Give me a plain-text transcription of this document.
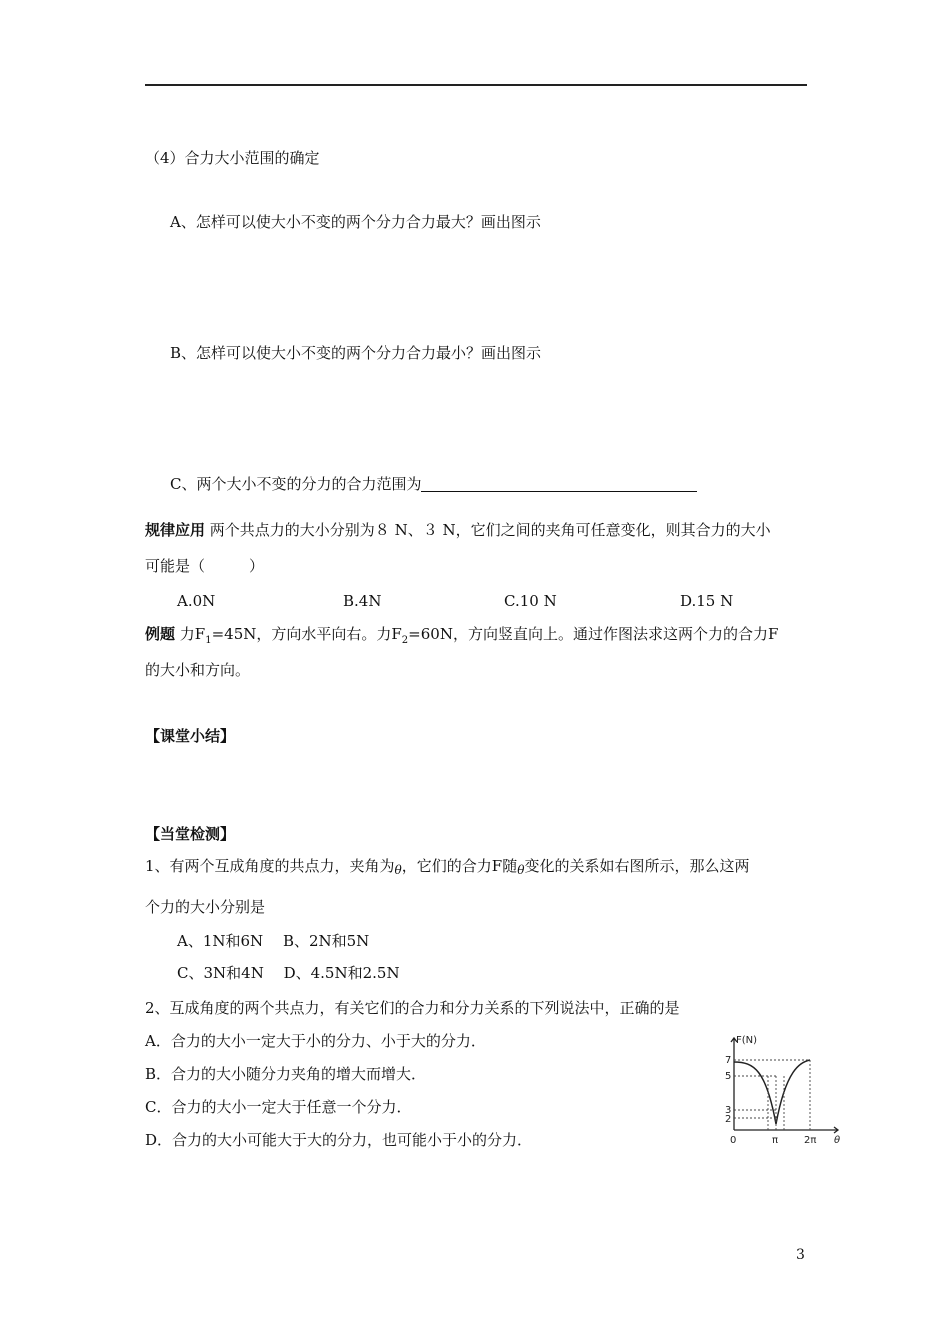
（4）合力大小范围的确定
A、怎样可以使大小不变的两个分力合力最大？画出图示
B、怎样可以使大小不变的两个分力合力最小？画出图示
C、两个大小不变的分力的合力范围为
规律应用 两个共点力的大小分别为８ N、３ N，它们之间的夹角可任意变化，则其合力的大小
可能是（	）
A.0N	B.4N	C.10 N	D.15 N
例题 力$F_1=45N$，方向水平向右。力$F_2=60N$，方向竖直向上。通过作图法求这两个力的合力F
的大小和方向。
【课堂小结】
【当堂检测】
1、有两个互成角度的共点力，夹角为$_\theta$，它们的合力F随$_\theta$变化的关系如右图所示，那么这两
个力的大小分别是
A、1N和6N　 B、2N和5N
C、3N和4N　 D、4.5N和2.5N
2、互成角度的两个共点力，有关它们的合力和分力关系的下列说法中，正确的是
A．合力的大小一定大于小的分力、小于大的分力．
B．合力的大小随分力夹角的增大而增大．
C．合力的大小一定大于任意一个分力．
D．合力的大小可能大于大的分力，也可能小于小的分力．
F(N)
7
5
3
2
0	π	2π θ
3
